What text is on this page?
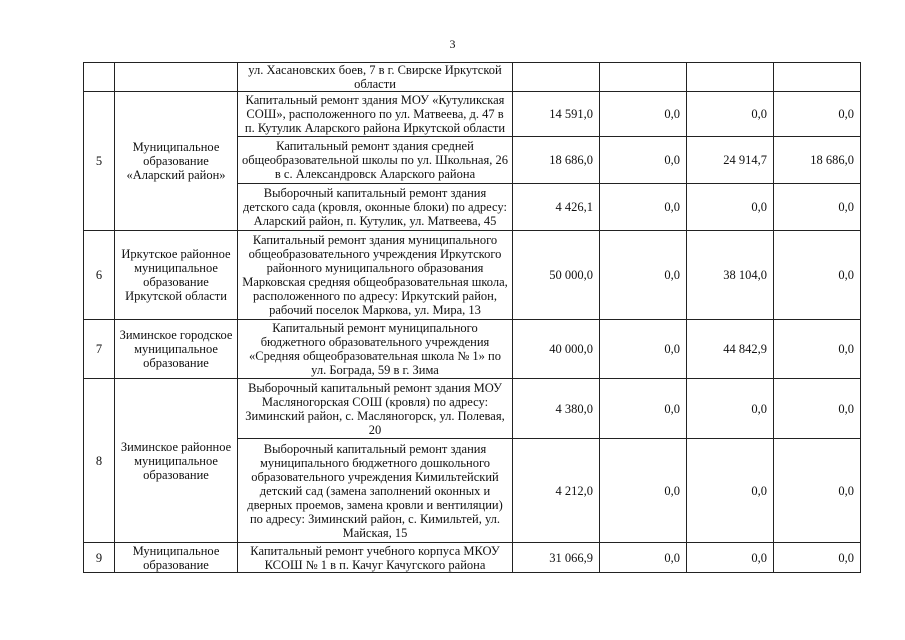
3
		ул. Хасановских боев, 7 в г. Свирске Иркутской области				
5	Муниципальное образование «Аларский район»	Капитальный ремонт здания МОУ «Кутуликская СОШ», расположенного по ул. Матвеева, д. 47 в п. Кутулик Аларского района Иркутской области	14 591,0	0,0	0,0	0,0
		Капитальный ремонт здания средней общеобразовательной школы по ул. Школьная, 26 в с. Александровск Аларского района	18 686,0	0,0	24 914,7	18 686,0
		Выборочный капитальный ремонт здания детского сада (кровля, оконные блоки) по адресу: Аларский район, п. Кутулик, ул. Матвеева, 45	4 426,1	0,0	0,0	0,0
6	Иркутское районное муниципальное образование Иркутской области	Капитальный ремонт здания муниципального общеобразовательного учреждения Иркутского районного муниципального образования Марковская средняя общеобразовательная школа, расположенного по адресу: Иркутский район, рабочий поселок Маркова, ул. Мира, 13	50 000,0	0,0	38 104,0	0,0
7	Зиминское городское муниципальное образование	Капитальный ремонт муниципального бюджетного образовательного учреждения «Средняя общеобразовательная школа № 1» по ул. Бограда, 59 в г. Зима	40 000,0	0,0	44 842,9	0,0
8	Зиминское районное муниципальное образование	Выборочный капитальный ремонт здания МОУ Масляногорская СОШ (кровля) по адресу: Зиминский район, с. Масляногорск, ул. Полевая, 20	4 380,0	0,0	0,0	0,0
		Выборочный капитальный ремонт здания муниципального бюджетного дошкольного образовательного учреждения Кимильтейский детский сад (замена заполнений оконных и дверных проемов, замена кровли и вентиляции) по адресу: Зиминский район, с. Кимильтей, ул. Майская, 15	4 212,0	0,0	0,0	0,0
9	Муниципальное образование	Капитальный ремонт учебного корпуса МКОУ КСОШ № 1 в п. Качуг Качугского района	31 066,9	0,0	0,0	0,0
